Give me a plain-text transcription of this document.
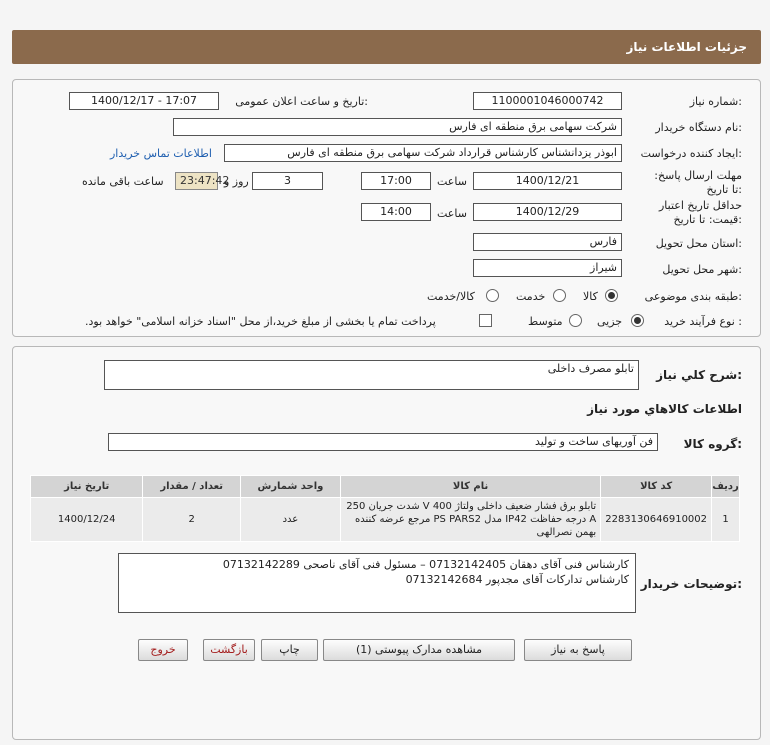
جزئیات اطلاعات نیاز
شماره نیاز:
1100001046000742
تاریخ و ساعت اعلان عمومی:
1400/12/17 - 17:07
نام دستگاه خریدار:
شرکت سهامی برق منطقه ای فارس
ایجاد کننده درخواست:
ابوذر یزدانشناس کارشناس قرارداد شرکت سهامی برق منطقه ای فارس
اطلاعات تماس خریدار
مهلت ارسال پاسخ: تا تاریخ:
1400/12/21
ساعت
17:00
3
روز و
23:47:42
ساعت باقی مانده
حداقل تاریخ اعتبار قیمت: تا تاریخ:
1400/12/29
ساعت
14:00
استان محل تحویل:
فارس
شهر محل تحویل:
شیراز
طبقه بندی موضوعی:
کالا
خدمت
کالا/خدمت
نوع فرآیند خرید :
جزیی
متوسط
پرداخت تمام یا بخشی از مبلغ خرید،از محل "اسناد خزانه اسلامی" خواهد بود.
شرح کلي نیاز:
تابلو مصرف داخلی
اطلاعات کالاهاي مورد نیاز
گروه کالا:
فن آوریهای ساخت و تولید
ردیف	کد کالا	نام کالا	واحد شمارش	تعداد / مقدار	تاریخ نیاز
1	2283130646910002	تابلو برق فشار ضعیف داخلی ولتاژ 400 V شدت جریان 250 A درجه حفاظت IP42 مدل PS PARS2 مرجع عرضه کننده بهمن نصرالهی	عدد	2	1400/12/24
توضیحات خریدار:
کارشناس فنی آقای دهقان 07132142405 – مسئول فنی آقای ناصحی 07132142289
کارشناس تدارکات آقای مجدپور 07132142684
پاسخ به نیاز
مشاهده مدارک پیوستی (1)
چاپ
بازگشت
خروج
